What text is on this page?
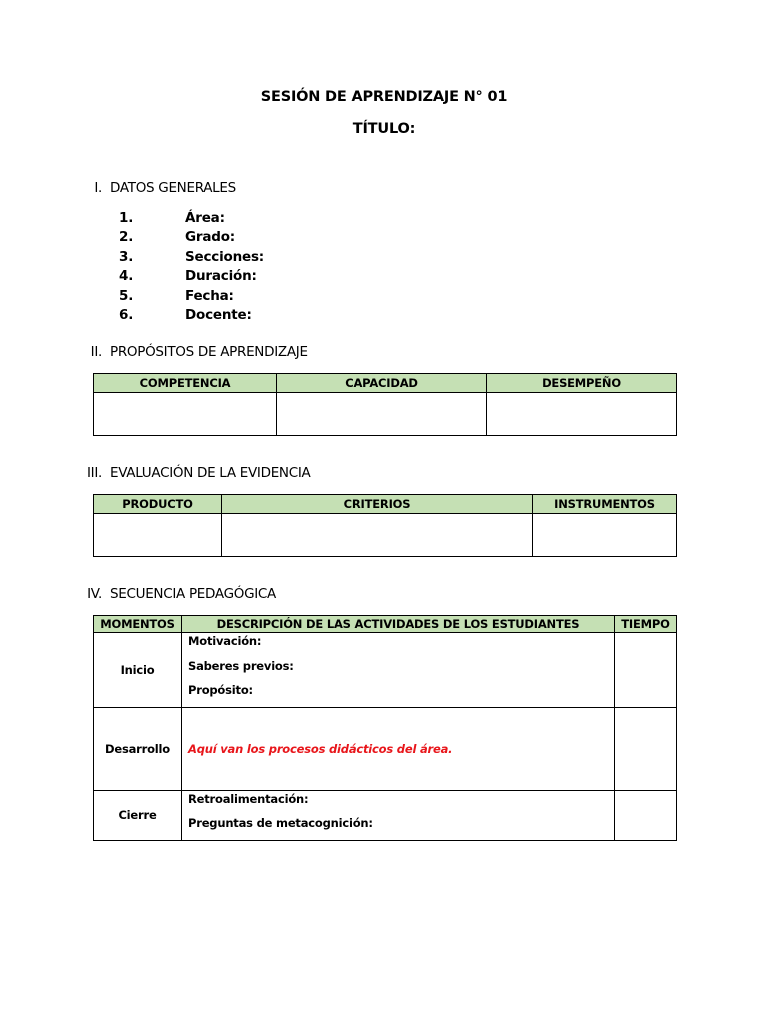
SESIÓN DE APRENDIZAJE N° 01
TÍTULO:
I. DATOS GENERALES
1.	Área:
2.	Grado:
3.	Secciones:
4.	Duración:
5.	Fecha:
6.	Docente:
II. PROPÓSITOS DE APRENDIZAJE
COMPETENCIA	CAPACIDAD	DESEMPEÑO

III. EVALUACIÓN DE LA EVIDENCIA
PRODUCTO	CRITERIOS	INSTRUMENTOS

IV. SECUENCIA PEDAGÓGICA
MOMENTOS	DESCRIPCIÓN DE LAS ACTIVIDADES DE LOS ESTUDIANTES	TIEMPO
Inicio	Motivación:
Saberes previos:
Propósito:	

Desarrollo	Aquí van los procesos didácticos del área.	

Cierre	Retroalimentación:
Preguntas de metacognición:	
